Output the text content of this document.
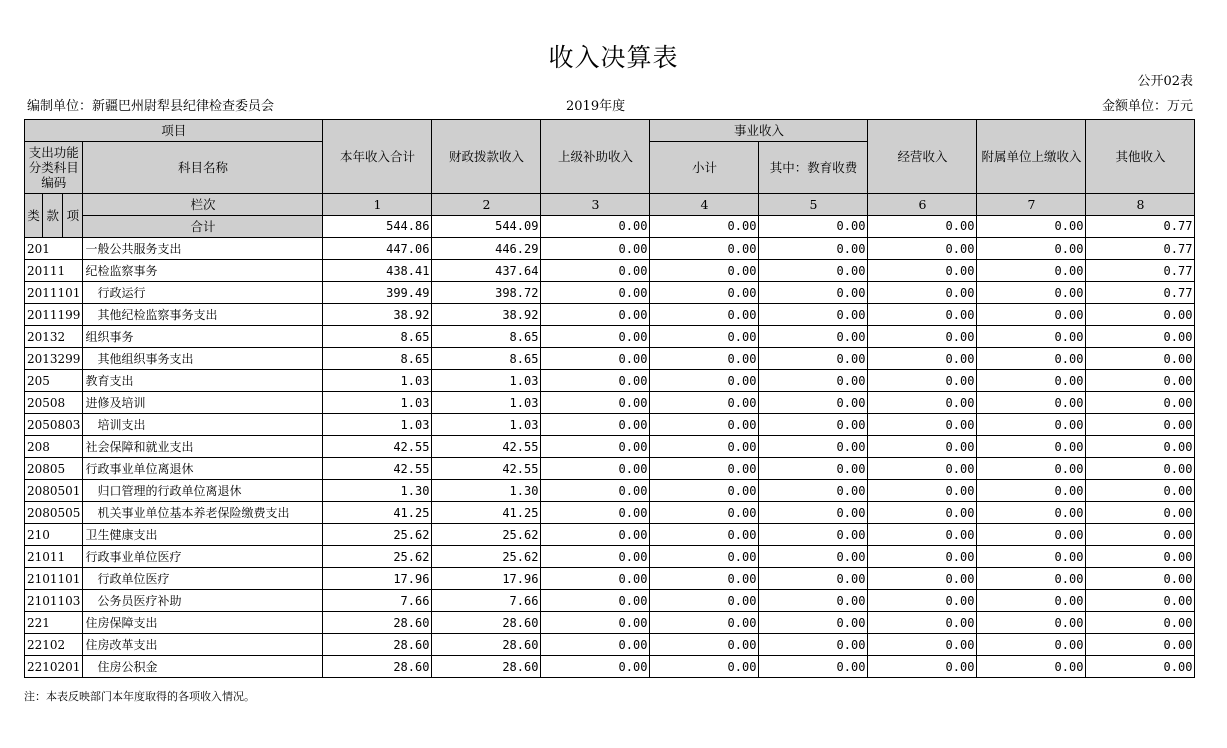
收入决算表
公开02表
编制单位：新疆巴州尉犁县纪律检查委员会	2019年度	金额单位：万元
项目				本年收入合计	财政拨款收入	上级补助收入	事业收入		经营收入	附属单位上缴收入	其他收入
支出功能分类科目编码			科目名称				小计	其中：教育收费			

类	款	项	栏次	1	2	3	4	5	6	7	8
			合计	544.86	544.09	0.00	0.00	0.00	0.00	0.00	0.77
201			一般公共服务支出	447.06	446.29	0.00	0.00	0.00	0.00	0.00	0.77
20111			纪检监察事务	438.41	437.64	0.00	0.00	0.00	0.00	0.00	0.77
2011101			行政运行	399.49	398.72	0.00	0.00	0.00	0.00	0.00	0.77
2011199			其他纪检监察事务支出	38.92	38.92	0.00	0.00	0.00	0.00	0.00	0.00
20132			组织事务	8.65	8.65	0.00	0.00	0.00	0.00	0.00	0.00
2013299			其他组织事务支出	8.65	8.65	0.00	0.00	0.00	0.00	0.00	0.00
205			教育支出	1.03	1.03	0.00	0.00	0.00	0.00	0.00	0.00
20508			进修及培训	1.03	1.03	0.00	0.00	0.00	0.00	0.00	0.00
2050803			培训支出	1.03	1.03	0.00	0.00	0.00	0.00	0.00	0.00
208			社会保障和就业支出	42.55	42.55	0.00	0.00	0.00	0.00	0.00	0.00
20805			行政事业单位离退休	42.55	42.55	0.00	0.00	0.00	0.00	0.00	0.00
2080501			归口管理的行政单位离退休	1.30	1.30	0.00	0.00	0.00	0.00	0.00	0.00
2080505			机关事业单位基本养老保险缴费支出	41.25	41.25	0.00	0.00	0.00	0.00	0.00	0.00
210			卫生健康支出	25.62	25.62	0.00	0.00	0.00	0.00	0.00	0.00
21011			行政事业单位医疗	25.62	25.62	0.00	0.00	0.00	0.00	0.00	0.00
2101101			行政单位医疗	17.96	17.96	0.00	0.00	0.00	0.00	0.00	0.00
2101103			公务员医疗补助	7.66	7.66	0.00	0.00	0.00	0.00	0.00	0.00
221			住房保障支出	28.60	28.60	0.00	0.00	0.00	0.00	0.00	0.00
22102			住房改革支出	28.60	28.60	0.00	0.00	0.00	0.00	0.00	0.00
2210201			住房公积金	28.60	28.60	0.00	0.00	0.00	0.00	0.00	0.00
注：本表反映部门本年度取得的各项收入情况。
